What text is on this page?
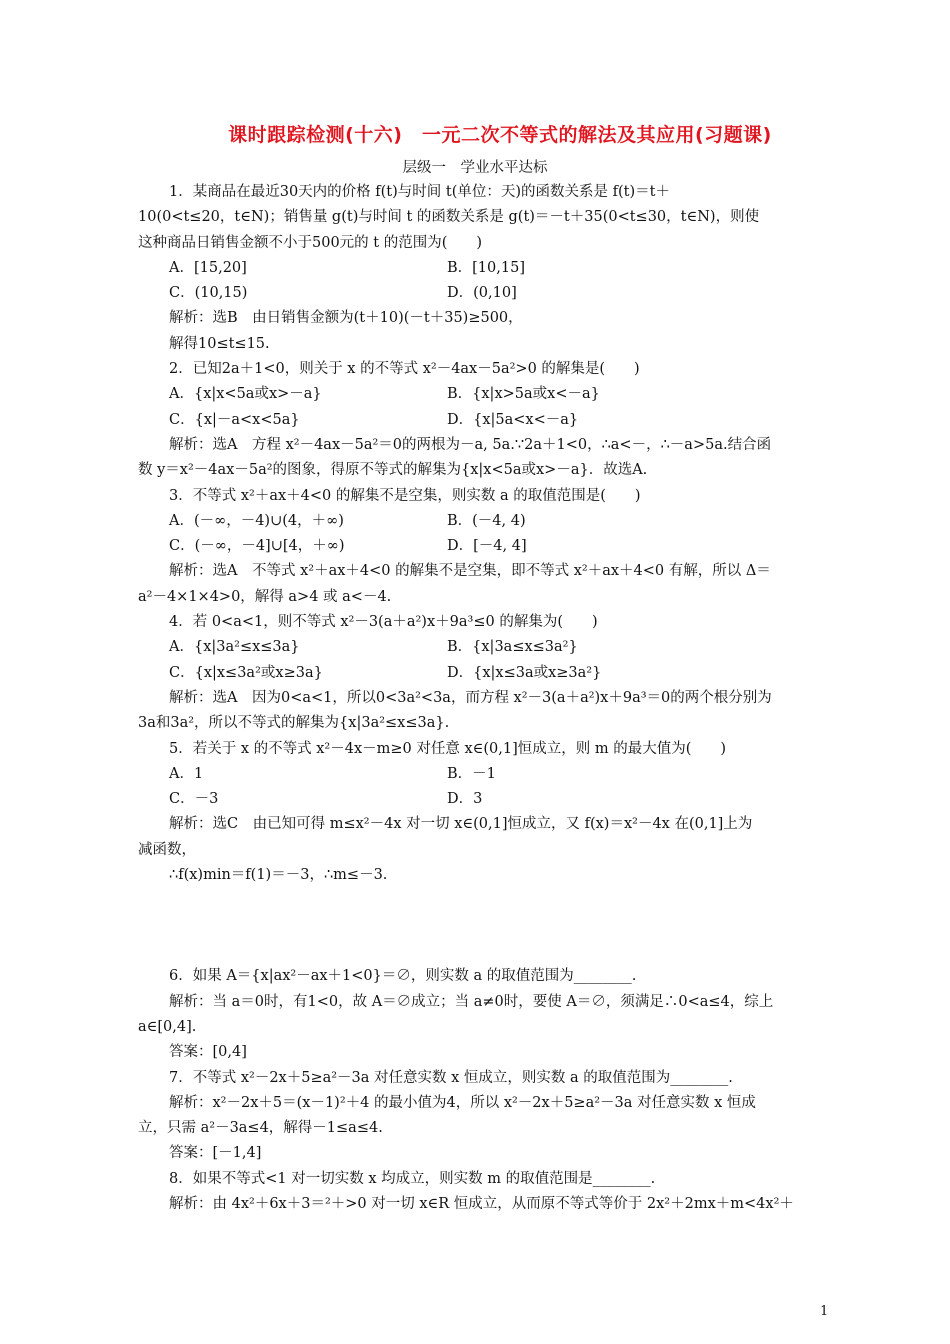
课时跟踪检测(十六)　一元二次不等式的解法及其应用(习题课)
层级一　学业水平达标
1．某商品在最近30天内的价格 f(t)与时间 t(单位：天)的函数关系是 f(t)＝t＋
10(0<t≤20，t∈N)；销售量 g(t)与时间 t 的函数关系是 g(t)＝－t＋35(0<t≤30，t∈N)，则使
这种商品日销售金额不小于500元的 t 的范围为(　　)
A．[15,20]	B．[10,15]
C．(10,15)	D．(0,10]
解析：选B　由日销售金额为(t＋10)(－t＋35)≥500，
解得10≤t≤15.
2．已知2a＋1<0，则关于 x 的不等式 x²－4ax－5a²>0 的解集是(　　)
A．{x|x<5a或x>－a}	B．{x|x>5a或x<－a}
C．{x|－a<x<5a}	D．{x|5a<x<－a}
解析：选A　方程 x²－4ax－5a²＝0的两根为－a, 5a.∵2a＋1<0，∴a<－，∴－a>5a.结合函
数 y＝x²－4ax－5a²的图象，得原不等式的解集为{x|x<5a或x>－a}．故选A.
3．不等式 x²＋ax＋4<0 的解集不是空集，则实数 a 的取值范围是(　　)
A．(－∞，－4)∪(4，＋∞)	B．(－4, 4)
C．(－∞，－4]∪[4，＋∞)	D．[－4, 4]
解析：选A　不等式 x²＋ax＋4<0 的解集不是空集，即不等式 x²＋ax＋4<0 有解，所以 Δ＝
a²－4×1×4>0，解得 a>4 或 a<－4.
4．若 0<a<1，则不等式 x²－3(a＋a²)x＋9a³≤0 的解集为(　　)
A．{x|3a²≤x≤3a}	B．{x|3a≤x≤3a²}
C．{x|x≤3a²或x≥3a}	D．{x|x≤3a或x≥3a²}
解析：选A　因为0<a<1，所以0<3a²<3a，而方程 x²－3(a＋a²)x＋9a³＝0的两个根分别为
3a和3a²，所以不等式的解集为{x|3a²≤x≤3a}.
5．若关于 x 的不等式 x²－4x－m≥0 对任意 x∈(0,1]恒成立，则 m 的最大值为(　　)
A．1	B．－1
C．－3	D．3
解析：选C　由已知可得 m≤x²－4x 对一切 x∈(0,1]恒成立，又 f(x)＝x²－4x 在(0,1]上为
减函数，
∴f(x)min＝f(1)＝－3，∴m≤－3.
6．如果 A＝{x|ax²－ax＋1<0}＝∅，则实数 a 的取值范围为________.
解析：当 a＝0时，有1<0，故 A＝∅成立；当 a≠0时，要使 A＝∅，须满足∴0<a≤4，综上
a∈[0,4].
答案：[0,4]
7．不等式 x²－2x＋5≥a²－3a 对任意实数 x 恒成立，则实数 a 的取值范围为________.
解析：x²－2x＋5＝(x－1)²＋4 的最小值为4，所以 x²－2x＋5≥a²－3a 对任意实数 x 恒成
立，只需 a²－3a≤4，解得－1≤a≤4.
答案：[－1,4]
8．如果不等式<1 对一切实数 x 均成立，则实数 m 的取值范围是________.
解析：由 4x²＋6x＋3＝²＋>0 对一切 x∈R 恒成立，从而原不等式等价于 2x²＋2mx＋m<4x²＋
1
